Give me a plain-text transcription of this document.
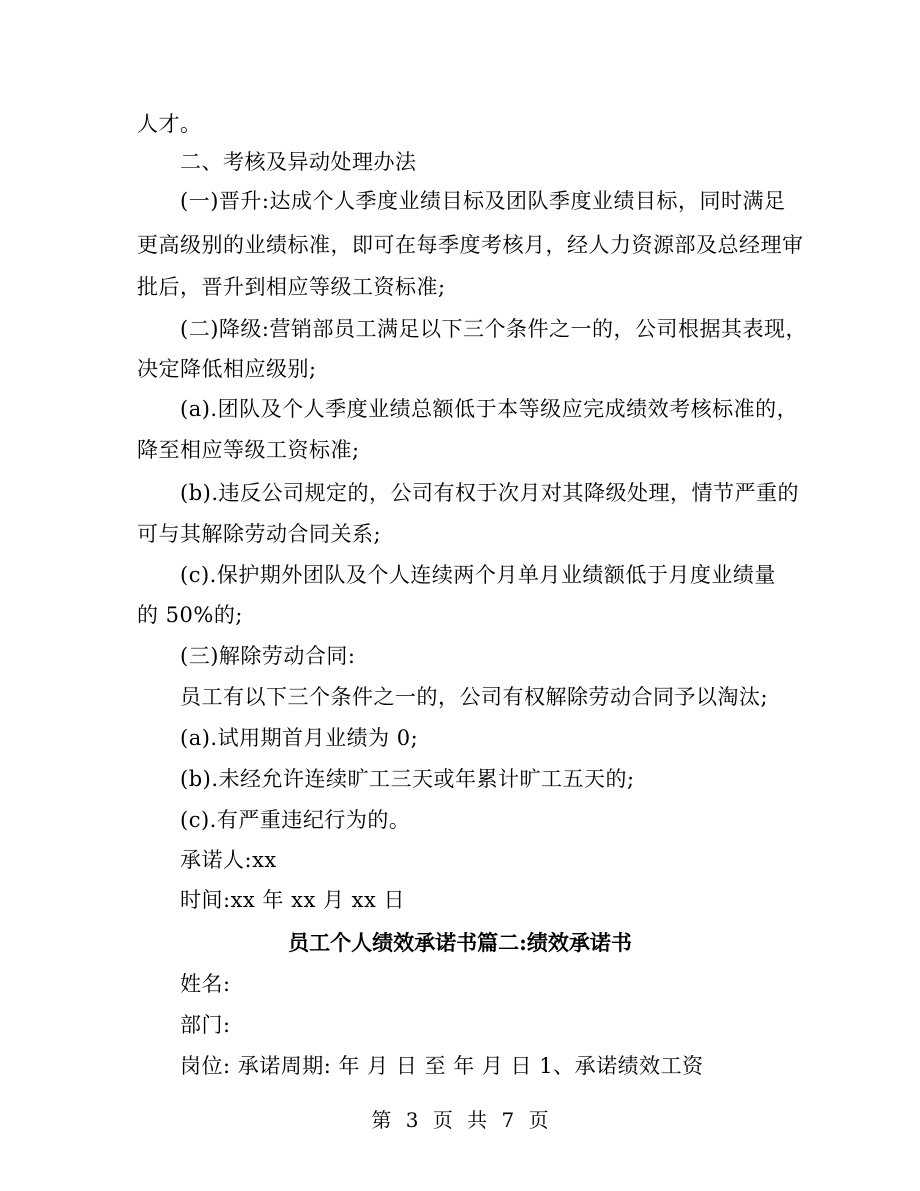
人才。
二、考核及异动处理办法
(一)晋升:达成个人季度业绩目标及团队季度业绩目标，同时满足
更高级别的业绩标准，即可在每季度考核月，经人力资源部及总经理审
批后，晋升到相应等级工资标准;
(二)降级:营销部员工满足以下三个条件之一的，公司根据其表现，
决定降低相应级别;
(a).团队及个人季度业绩总额低于本等级应完成绩效考核标准的，
降至相应等级工资标准;
(b).违反公司规定的，公司有权于次月对其降级处理，情节严重的
可与其解除劳动合同关系;
(c).保护期外团队及个人连续两个月单月业绩额低于月度业绩量
的 50%的;
(三)解除劳动合同:
员工有以下三个条件之一的，公司有权解除劳动合同予以淘汰;
(a).试用期首月业绩为 0;
(b).未经允许连续旷工三天或年累计旷工五天的;
(c).有严重违纪行为的。
承诺人:xx
时间:xx 年 xx 月 xx 日
员工个人绩效承诺书篇二:绩效承诺书
姓名:
部门:
岗位: 承诺周期: 年 月 日 至 年 月 日 1、承诺绩效工资
第 3 页 共 7 页
